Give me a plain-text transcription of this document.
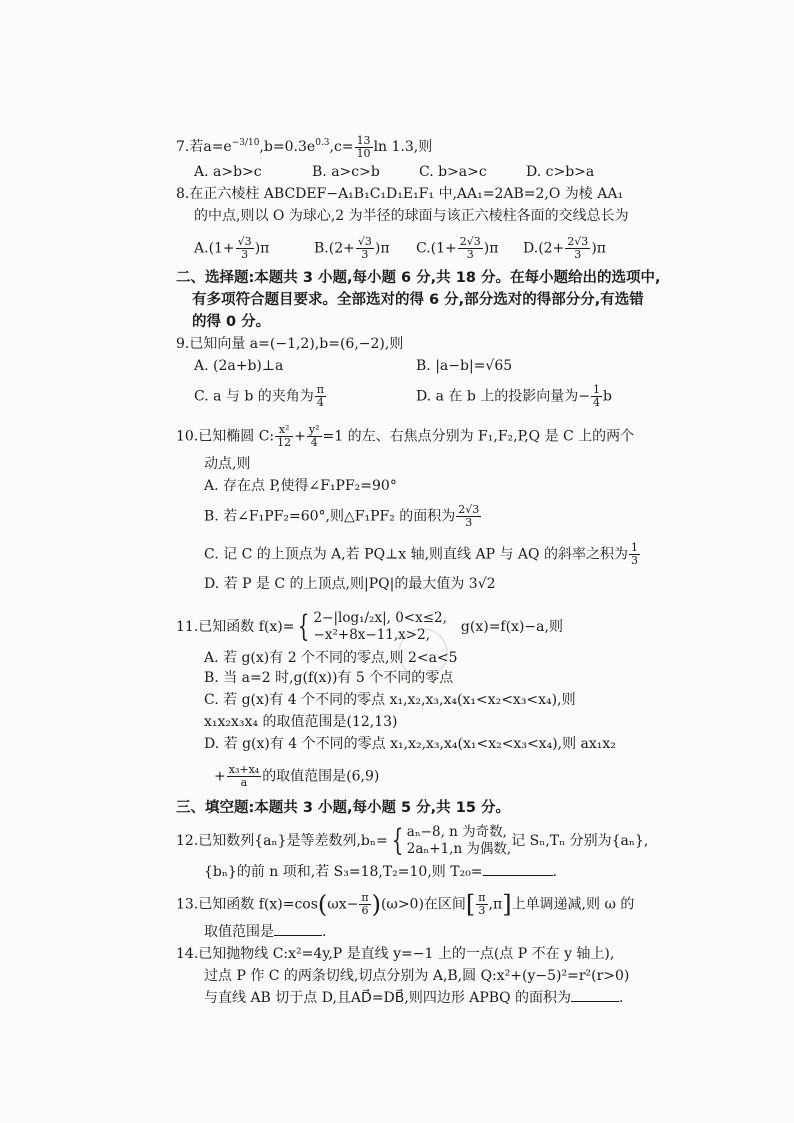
7.若$a=e^{-3/10},b=0.3e^{0.3},c= \frac{13}{10}$ ln 1.3,则
A. a>b>c	B. a>c>b	C. b>a>c	D. c>b>a
8.在正六棱柱 ABCDEF−A₁B₁C₁D₁E₁F₁ 中,AA₁=2AB=2,O 为棱 AA₁
的中点,则以 O 为球心,2 为半径的球面与该正六棱柱各面的交线总长为
$A.(1+ \frac{√3}{3} )\pi$	$B.(2+ \frac{√3}{3} )\pi$ $C.(1+ \frac{2√3}{3} )\pi$ $D.(2+ \frac{2√3}{3} )\pi$
二、选择题:本题共 3 小题,每小题 6 分,共 18 分。在每小题给出的选项中,
有多项符合题目要求。全部选对的得 6 分,部分选对的得部分分,有选错
的得 0 分。
9.已知向量 a=(−1,2),b=(6,−2),则
A. (2a+b)⊥a	B. |a−b|=√65
C. a 与 b 的夹角为 $\frac{\pi}{4}$	D. a 在 b 上的投影向量为− $\frac{1}{4}$ b
10.已知椭圆 C: $\frac{\text{x²}}{12} + \frac{\text{y²}}{4} =1$ 的左、右焦点分别为 F₁,F₂,P,Q 是 C 上的两个
动点,则
A. 存在点 P,使得∠F₁PF₂=90°
B. 若∠F₁PF₂=60°,则△F₁PF₂ 的面积为 $\frac{2√3}{3}$
C. 记 C 的上顶点为 A,若 PQ⊥x 轴,则直线 AP 与 AQ 的斜率之积为 $\frac{1}{3}$
D. 若 P 是 C 的上顶点,则|PQ|的最大值为 3√2
11.已知函数 f(x)= { 2−|log₁/₂x|, 0<x≤2,
−x²+8x−11,x>2,	g(x)=f(x)−a,则
A. 若 g(x)有 2 个不同的零点,则 2<a<5
B. 当 a=2 时,g(f(x))有 5 个不同的零点
C. 若 g(x)有 4 个不同的零点 x₁,x₂,x₃,x₄(x₁<x₂<x₃<x₄),则
x₁x₂x₃x₄ 的取值范围是(12,13)
D. 若 g(x)有 4 个不同的零点 x₁,x₂,x₃,x₄(x₁<x₂<x₃<x₄),则 ax₁x₂
+ $\frac{\text{x₃+x₄}}{a}$ 的取值范围是(6,9)
三、填空题:本题共 3 小题,每小题 5 分,共 15 分。
12.已知数列{aₙ}是等差数列,bₙ= { aₙ−8, n 为奇数,
2aₙ+1,n 为偶数, 记 Sₙ,Tₙ 分别为{aₙ},
{bₙ}的前 n 项和,若 S₃=18,T₂=10,则 T₂₀=	.
13.已知函数 $f(x)=\cos(\omega x- \frac{\pi}{6} )(\omega>0)$在区间[ $\frac{\pi}{3} ,\pi$]上单调递减,则 ω 的
取值范围是	.
14.已知抛物线 C:x²=4y,P 是直线 y=−1 上的一点(点 P 不在 y 轴上),
过点 P 作 C 的两条切线,切点分别为 A,B,圆 Q:x²+(y−5)²=r²(r>0)
与直线 AB 切于点 D,且AD⃗=DB⃗,则四边形 APBQ 的面积为	.
